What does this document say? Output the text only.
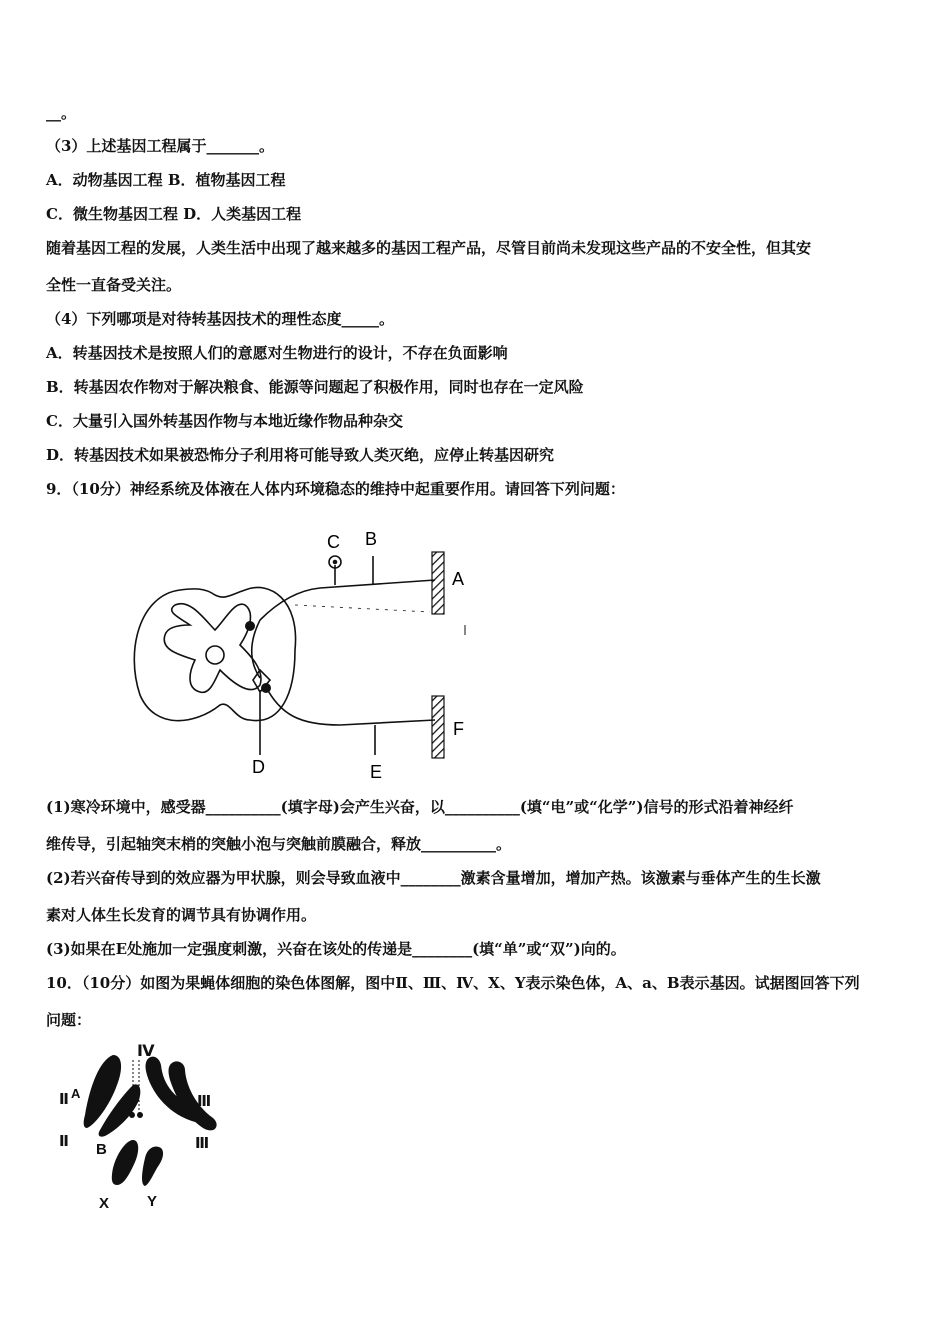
__。
（3）上述基因工程属于_______。
A．动物基因工程 B．植物基因工程
C．微生物基因工程 D．人类基因工程
随着基因工程的发展，人类生活中出现了越来越多的基因工程产品，尽管目前尚未发现这些产品的不安全性，但其安
全性一直备受关注。
（4）下列哪项是对待转基因技术的理性态度_____。
A．转基因技术是按照人们的意愿对生物进行的设计，不存在负面影响
B．转基因农作物对于解决粮食、能源等问题起了积极作用，同时也存在一定风险
C．大量引入国外转基因作物与本地近缘作物品种杂交
D．转基因技术如果被恐怖分子利用将可能导致人类灭绝，应停止转基因研究
9．（10分）神经系统及体液在人体内环境稳态的维持中起重要作用。请回答下列问题：
C B
A
F
D	E
(1)寒冷环境中，感受器__________(填字母)会产生兴奋，以__________(填“电”或“化学”)信号的形式沿着神经纤
维传导，引起轴突末梢的突触小泡与突触前膜融合，释放__________。
(2)若兴奋传导到的效应器为甲状腺，则会导致血液中________激素含量增加，增加产热。该激素与垂体产生的生长激
素对人体生长发育的调节具有协调作用。
(3)如果在E处施加一定强度刺激，兴奋在该处的传递是________(填“单”或“双”)向的。
10．（10分）如图为果蝇体细胞的染色体图解，图中Ⅱ、Ⅲ、Ⅳ、X、Y表示染色体，A、a、B表示基因。试据图回答下列
问题：
Ⅳ
Ⅱ
Ⅱ
Ⅲ
Ⅲ
A
a
B
X	Y
